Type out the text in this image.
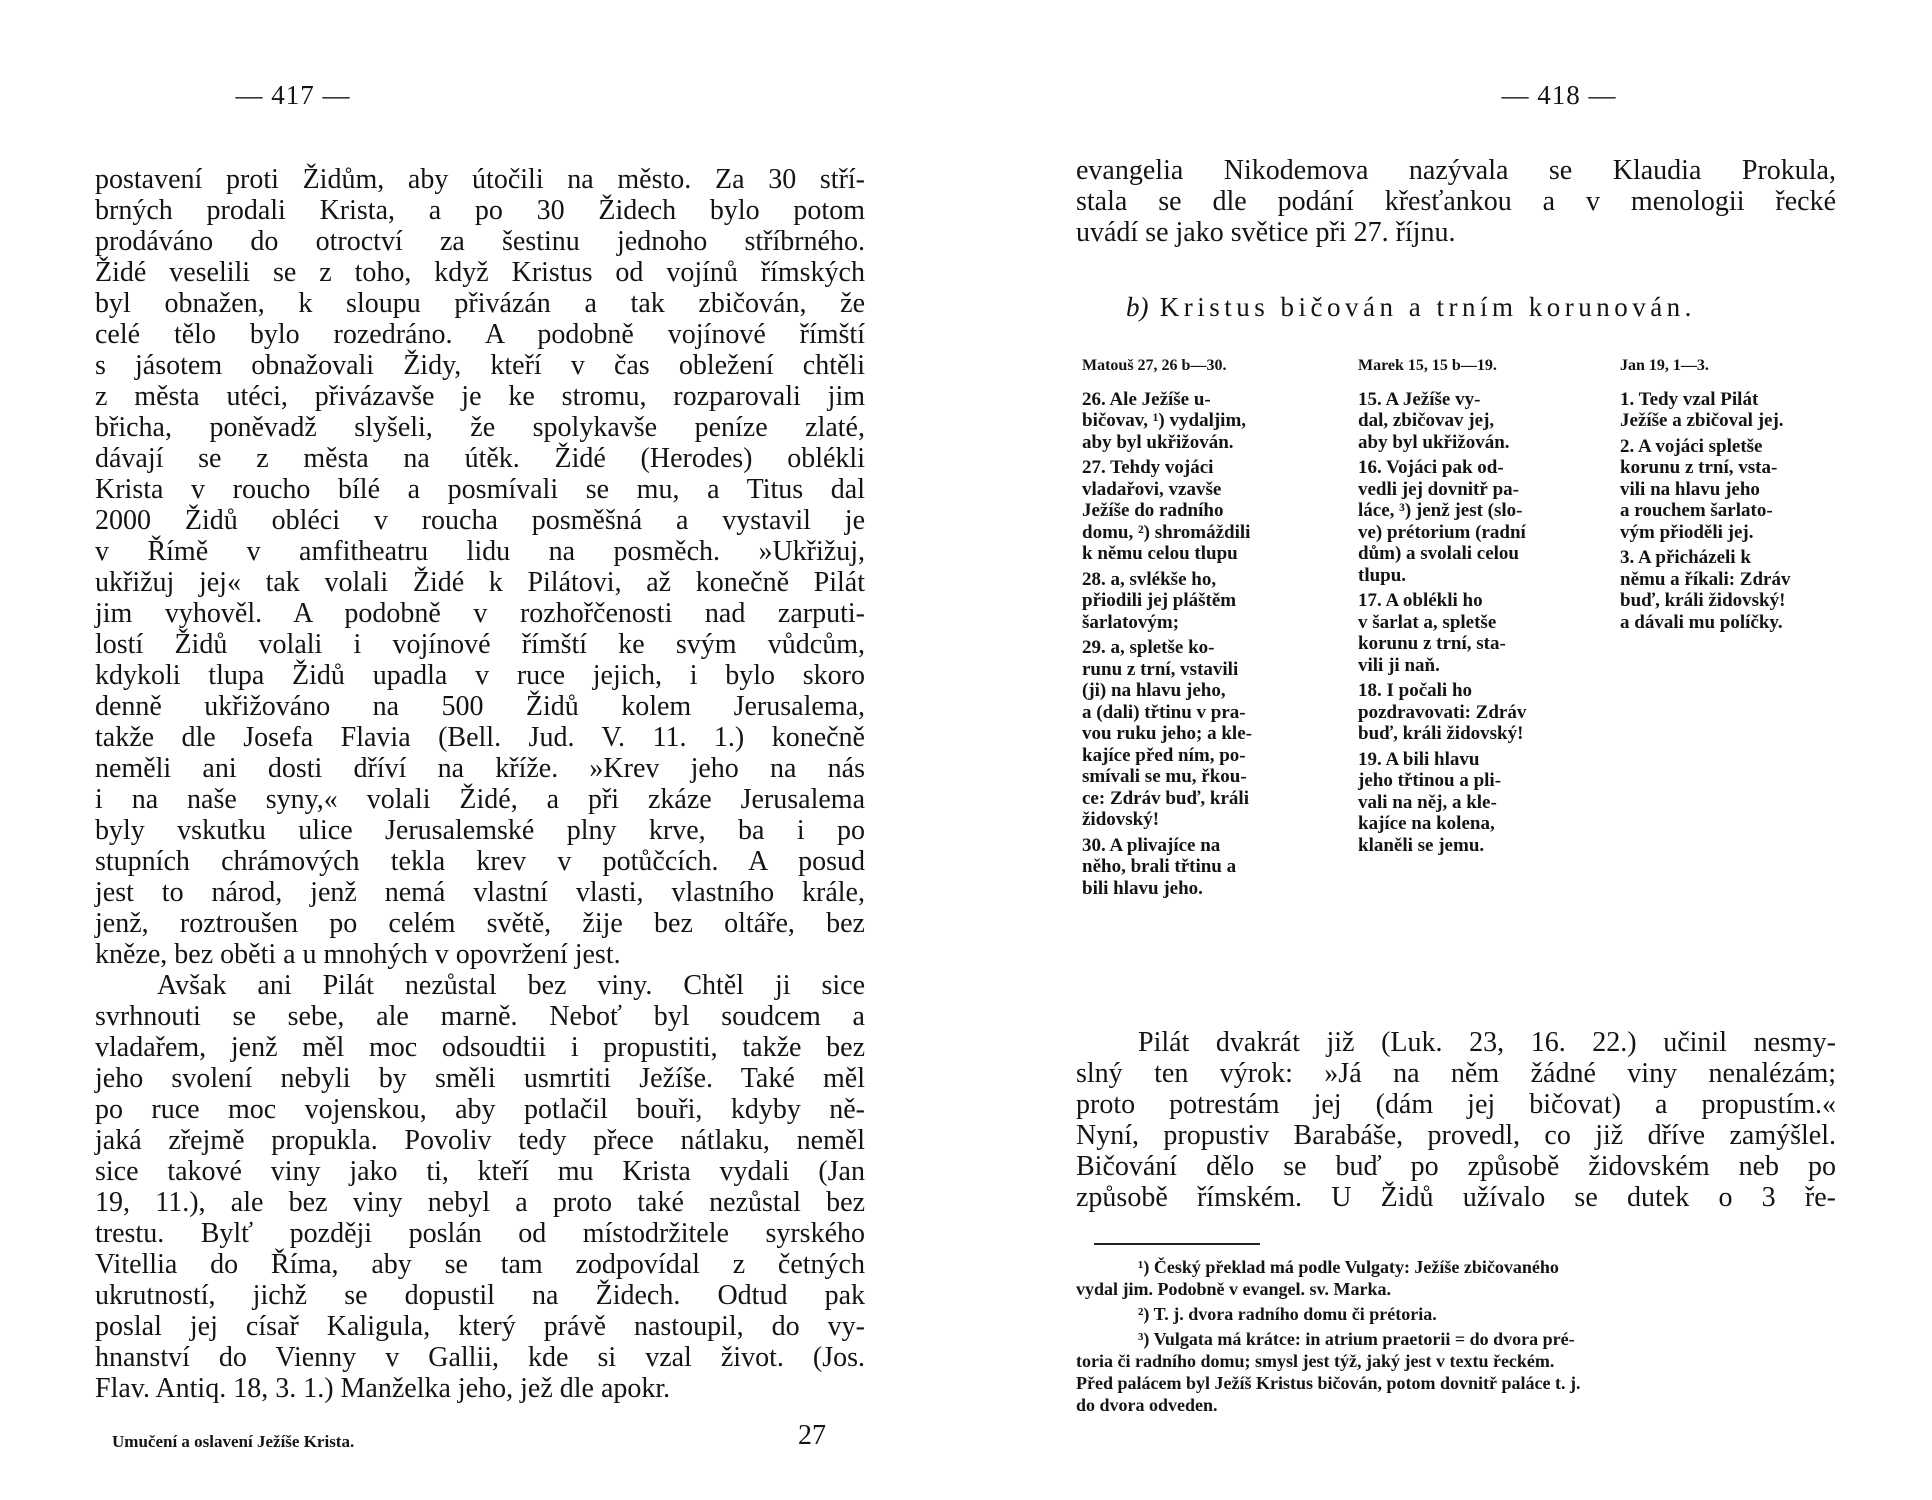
— 417 —
postavení proti Židům, aby útočili na město. Za 30 stří-
brných prodali Krista, a po 30 Židech bylo potom
prodáváno do otroctví za šestinu jednoho stříbrného.
Židé veselili se z toho, když Kristus od vojínů římských
byl obnažen, k sloupu přivázán a tak zbičován, že
celé tělo bylo rozedráno. A podobně vojínové římští
s jásotem obnažovali Židy, kteří v čas obležení chtěli
z města utéci, přivázavše je ke stromu, rozparovali jim
břicha, poněvadž slyšeli, že spolykavše peníze zlaté,
dávají se z města na útěk. Židé (Herodes) oblékli
Krista v roucho bílé a posmívali se mu, a Titus dal
2000 Židů obléci v roucha posměšná a vystavil je
v Římě v amfitheatru lidu na posměch. »Ukřižuj,
ukřižuj jej« tak volali Židé k Pilátovi, až konečně Pilát
jim vyhověl. A podobně v rozhořčenosti nad zarputi-
lostí Židů volali i vojínové římští ke svým vůdcům,
kdykoli tlupa Židů upadla v ruce jejich, i bylo skoro
denně ukřižováno na 500 Židů kolem Jerusalema,
takže dle Josefa Flavia (Bell. Jud. V. 11. 1.) konečně
neměli ani dosti dříví na kříže. »Krev jeho na nás
i na naše syny,« volali Židé, a při zkáze Jerusalema
byly vskutku ulice Jerusalemské plny krve, ba i po
stupních chrámových tekla krev v potůčcích. A posud
jest to národ, jenž nemá vlastní vlasti, vlastního krále,
jenž, roztroušen po celém světě, žije bez oltáře, bez
kněze, bez oběti a u mnohých v opovržení jest.
Avšak ani Pilát nezůstal bez viny. Chtěl ji sice
svrhnouti se sebe, ale marně. Neboť byl soudcem a
vladařem, jenž měl moc odsoudtii i propustiti, takže bez
jeho svolení nebyli by směli usmrtiti Ježíše. Také měl
po ruce moc vojenskou, aby potlačil bouři, kdyby ně-
jaká zřejmě propukla. Povoliv tedy přece nátlaku, neměl
sice takové viny jako ti, kteří mu Krista vydali (Jan
19, 11.), ale bez viny nebyl a proto také nezůstal bez
trestu. Bylť později poslán od místodržitele syrského
Vitellia do Říma, aby se tam zodpovídal z četných
ukrutností, jichž se dopustil na Židech. Odtud pak
poslal jej císař Kaligula, který právě nastoupil, do vy-
hnanství do Vienny v Gallii, kde si vzal život. (Jos.
Flav. Antiq. 18, 3. 1.) Manželka jeho, jež dle apokr.
Umučení a oslavení Ježíše Krista.	27
— 418 —
evangelia Nikodemova nazývala se Klaudia Prokula,
stala se dle podání křesťankou a v menologii řecké
uvádí se jako světice při 27. říjnu.
b) Kristus bičován a trním korunován.
Matouš 27, 26 b—30.
26. Ale Ježíše u-
bičovav, ¹) vydaljim,
aby byl ukřižován.
27. Tehdy vojáci
vladařovi, vzavše
Ježíše do radního
domu, ²) shromáždili
k němu celou tlupu
28. a, svlékše ho,
přiodili jej pláštěm
šarlatovým;
29. a, spletše ko-
runu z trní, vstavili
(ji) na hlavu jeho,
a (dali) třtinu v pra-
vou ruku jeho; a kle-
kajíce před ním, po-
smívali se mu, řkou-
ce: Zdráv buď, králi
židovský!
30. A plivajíce na
něho, brali třtinu a
bili hlavu jeho.
Marek 15, 15 b—19.
15. A Ježíše vy-
dal, zbičovav jej,
aby byl ukřižován.
16. Vojáci pak od-
vedli jej dovnitř pa-
láce, ³) jenž jest (slo-
ve) prétorium (radní
dům) a svolali celou
tlupu.
17. A oblékli ho
v šarlat a, spletše
korunu z trní, sta-
vili ji naň.
18. I počali ho
pozdravovati: Zdráv
buď, králi židovský!
19. A bili hlavu
jeho třtinou a pli-
vali na něj, a kle-
kajíce na kolena,
klaněli se jemu.
Jan 19, 1—3.
1. Tedy vzal Pilát
Ježíše a zbičoval jej.
2. A vojáci spletše
korunu z trní, vsta-
vili na hlavu jeho
a rouchem šarlato-
vým přioděli jej.
3. A přicházeli k
němu a říkali: Zdráv
buď, králi židovský!
a dávali mu políčky.
Pilát dvakrát již (Luk. 23, 16. 22.) učinil nesmy-
slný ten výrok: »Já na něm žádné viny nenalézám;
proto potrestám jej (dám jej bičovat) a propustím.«
Nyní, propustiv Barabáše, provedl, co již dříve zamýšlel.
Bičování dělo se buď po způsobě židovském neb po
způsobě římském. U Židů užívalo se dutek o 3 ře-
¹) Český překlad má podle Vulgaty: Ježíše zbičovaného
vydal jim. Podobně v evangel. sv. Marka.
²) T. j. dvora radního domu či prétoria.
³) Vulgata má krátce: in atrium praetorii = do dvora pré-
toria či radního domu; smysl jest týž, jaký jest v textu řeckém.
Před palácem byl Ježíš Kristus bičován, potom dovnitř paláce t. j.
do dvora odveden.
